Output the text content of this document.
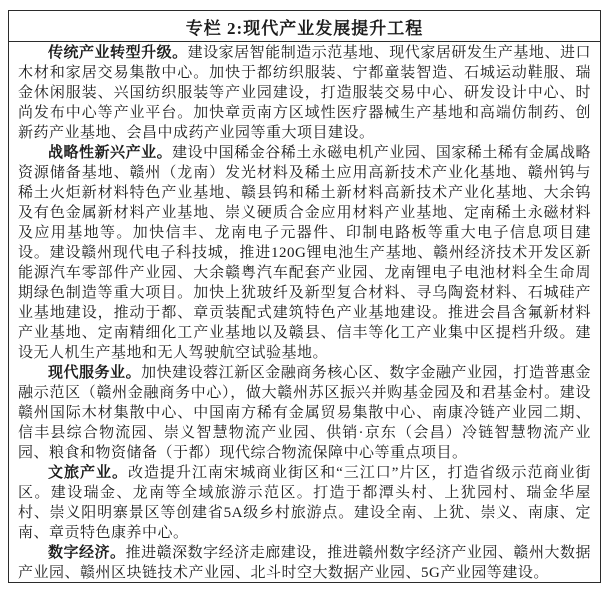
专栏 2:现代产业发展提升工程

传统产业转型升级。建设家居智能制造示范基地、现代家居研发生产基地、进口木材和家居交易集散中心。加快于都纺织服装、宁都童装智造、石城运动鞋服、瑞金休闲服装、兴国纺织服装等产业园建设，打造服装交易中心、研发设计中心、时尚发布中心等产业平台。加快章贡南方区域性医疗器械生产基地和高端仿制药、创新药产业基地、会昌中成药产业园等重大项目建设。

战略性新兴产业。建设中国稀金谷稀土永磁电机产业园、国家稀土稀有金属战略资源储备基地、赣州（龙南）发光材料及稀土应用高新技术产业化基地、赣州钨与稀土火炬新材料特色产业基地、赣县钨和稀土新材料高新技术产业化基地、大余钨及有色金属新材料产业基地、崇义硬质合金应用材料产业基地、定南稀土永磁材料及应用基地等。加快信丰、龙南电子元器件、印制电路板等重大电子信息项目建设。建设赣州现代电子科技城，推进120G锂电池生产基地、赣州经济技术开发区新能源汽车零部件产业园、大余赣粤汽车配套产业园、龙南锂电子电池材料全生命周期绿色制造等重大项目。加快上犹玻纤及新型复合材料、寻乌陶瓷材料、石城硅产业基地建设，推动于都、章贡装配式建筑特色产业基地建设。推进会昌含氟新材料产业基地、定南精细化工产业基地以及赣县、信丰等化工产业集中区提档升级。建设无人机生产基地和无人驾驶航空试验基地。

现代服务业。加快建设蓉江新区金融商务核心区、数字金融产业园，打造普惠金融示范区（赣州金融商务中心），做大赣州苏区振兴并购基金园及和君基金村。建设赣州国际木材集散中心、中国南方稀有金属贸易集散中心、南康冷链产业园二期、信丰县综合物流园、崇义智慧物流产业园、供销·京东（会昌）冷链智慧物流产业园、粮食和物资储备（于都）现代综合物流保障中心等重点项目。

文旅产业。改造提升江南宋城商业街区和“三江口”片区，打造省级示范商业街区。建设瑞金、龙南等全域旅游示范区。打造于都潭头村、上犹园村、瑞金华屋村、崇义阳明寨景区等创建省5A级乡村旅游点。建设全南、上犹、崇义、南康、定南、章贡特色康养中心。

数字经济。推进赣深数字经济走廊建设，推进赣州数字经济产业园、赣州大数据产业园、赣州区块链技术产业园、北斗时空大数据产业园、5G产业园等建设。
